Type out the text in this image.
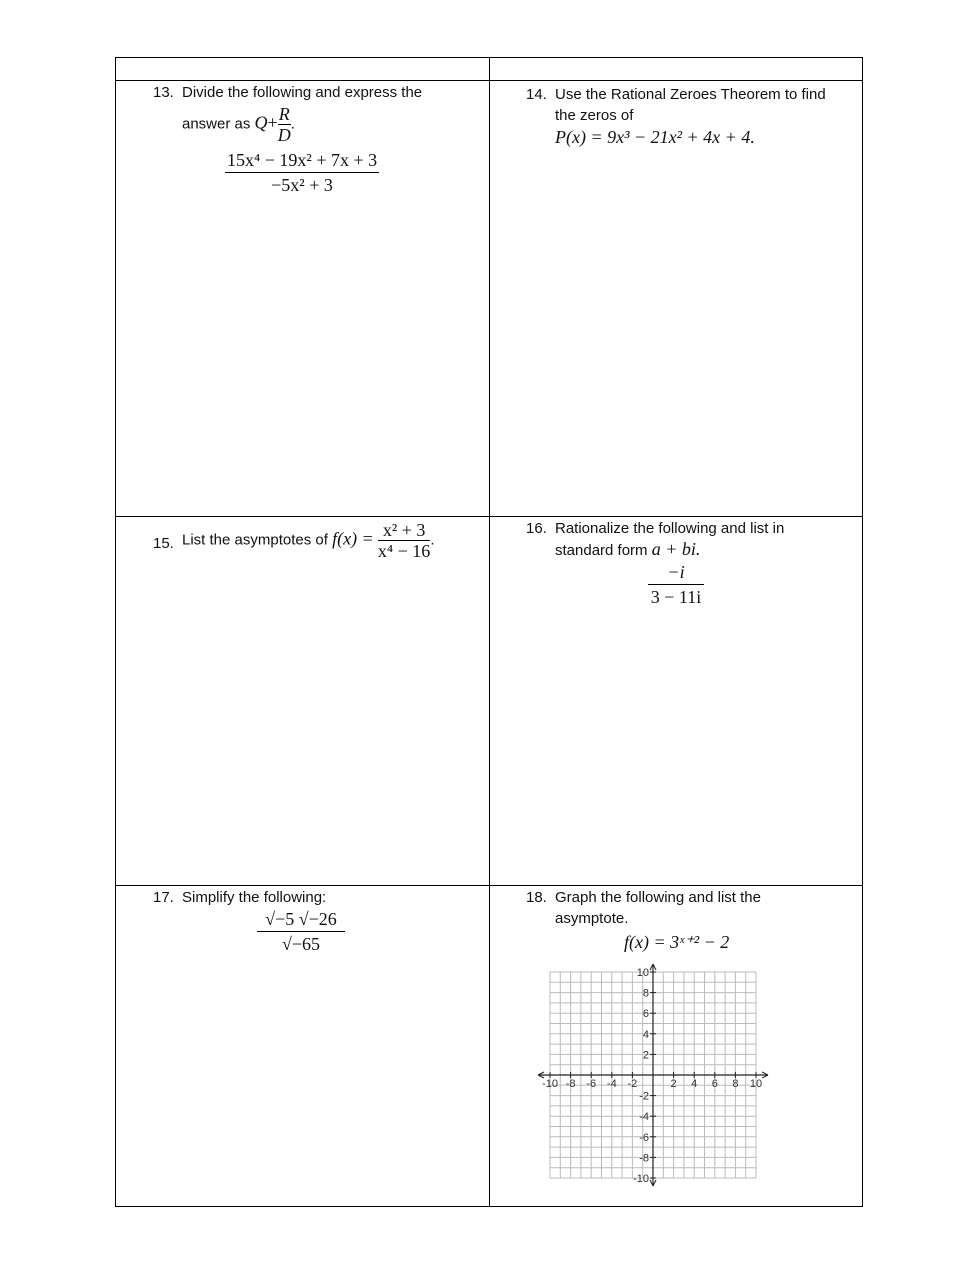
13. Divide the following and express the
answer as $Q+ \frac{R}{D}$ .
$\frac{\text{15x⁴ − 19x² + 7x + 3}}{\text{−5x² + 3}}$
14. Use the Rational Zeroes Theorem to find
the zeros of
P(x) = 9x³ − 21x² + 4x + 4.
15. List the asymptotes of $f(x) = \frac{\text{x² + 3}}{\text{x⁴ − 16}}$ .
16. Rationalize the following and list in
standard form a + bi.
$\frac{-i}{3 - 11i}$
17. Simplify the following:
$\frac{√-5 √-26}{√-65}$
18. Graph the following and list the
asymptote.
f(x) = 3ˣ⁺² − 2
-10 -8 -6 -4 -2	2 4 6 8 10
10
8
6
4
2
-2
-4
-6
-8
-10
